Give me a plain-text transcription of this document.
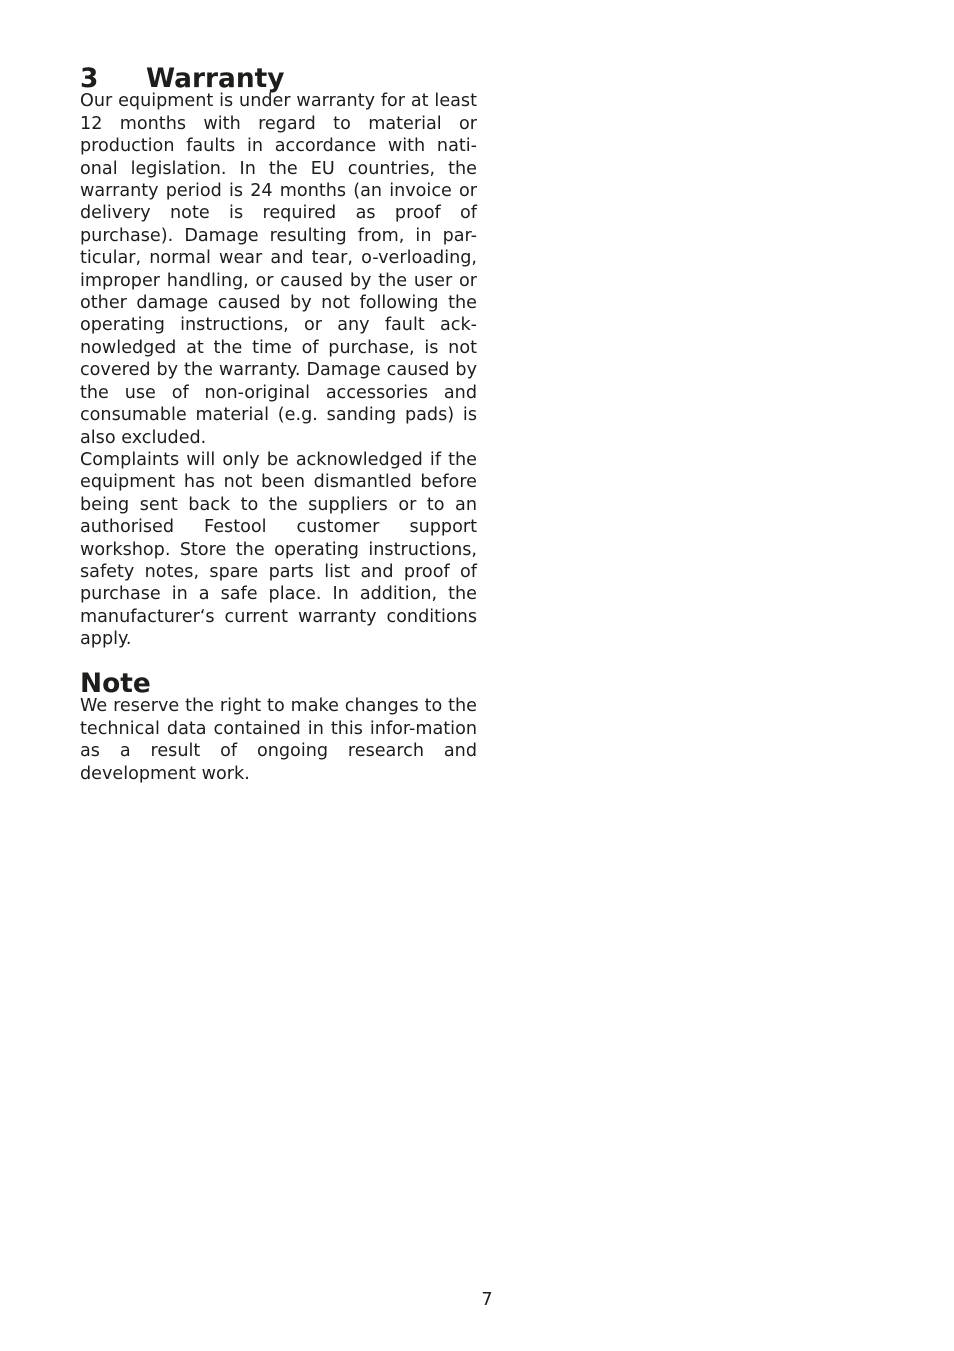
3	Warranty

Our equipment is under warranty for at least 12 months with regard to material or production faults in accordance with nati-onal legislation. In the EU countries, the warranty period is 24 months (an invoice or delivery note is required as proof of purchase). Damage resulting from, in par-ticular, normal wear and tear, o-verloading, improper handling, or caused by the user or other damage caused by not following the operating instructions, or any fault ack-nowledged at the time of purchase, is not covered by the warranty. Damage caused by the use of non-original accessories and consumable material (e.g. sanding pads) is also excluded.

Complaints will only be acknowledged if the equipment has not been dismantled before being sent back to the suppliers or to an authorised Festool customer support workshop. Store the operating instructions, safety notes, spare parts list and proof of purchase in a safe place. In addition, the manufacturer‘s current warranty conditions apply.

Note

We reserve the right to make changes to the technical data contained in this infor-mation as a result of ongoing research and development work.

7
